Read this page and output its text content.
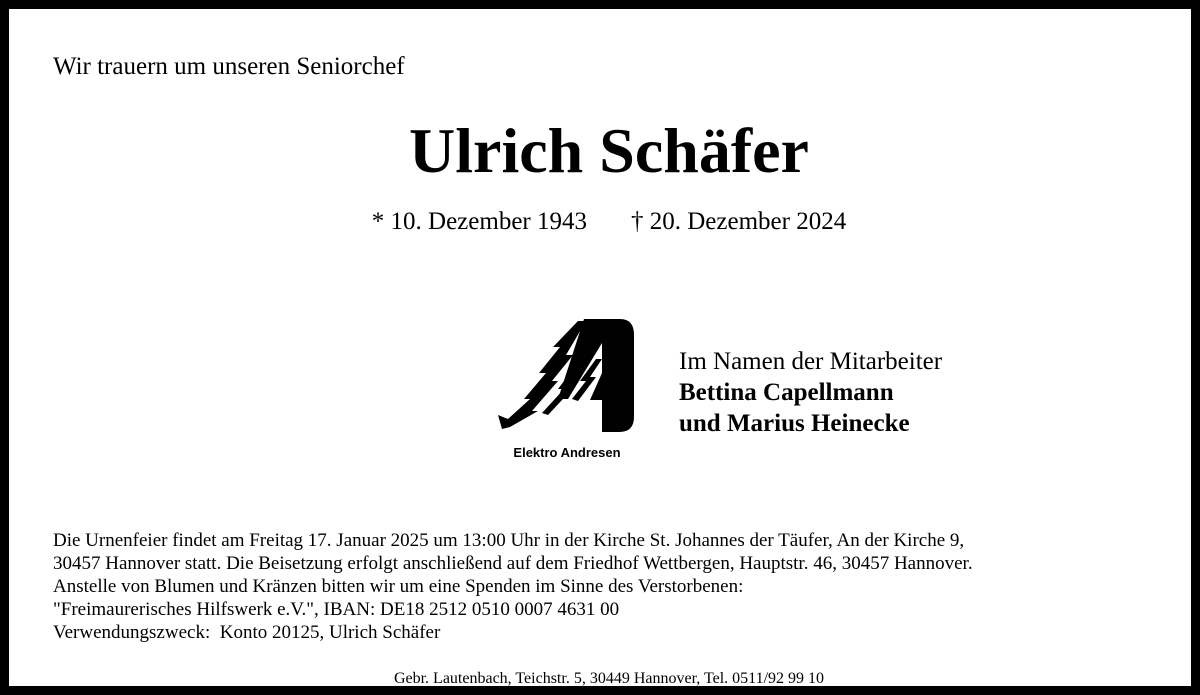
Wir trauern um unseren Seniorchef
Ulrich Schäfer
* 10. Dezember 1943 † 20. Dezember 2024
Elektro Andresen
Im Namen der Mitarbeiter
Bettina Capellmann
und Marius Heinecke
Die Urnenfeier findet am Freitag 17. Januar 2025 um 13:00 Uhr in der Kirche St. Johannes der Täufer, An der Kirche 9,
30457 Hannover statt. Die Beisetzung erfolgt anschließend auf dem Friedhof Wettbergen, Hauptstr. 46, 30457 Hannover.
Anstelle von Blumen und Kränzen bitten wir um eine Spenden im Sinne des Verstorbenen:
"Freimaurerisches Hilfswerk e.V.", IBAN: DE18 2512 0510 0007 4631 00
Verwendungszweck:  Konto 20125, Ulrich Schäfer
Gebr. Lautenbach, Teichstr. 5, 30449 Hannover, Tel. 0511/92 99 10
